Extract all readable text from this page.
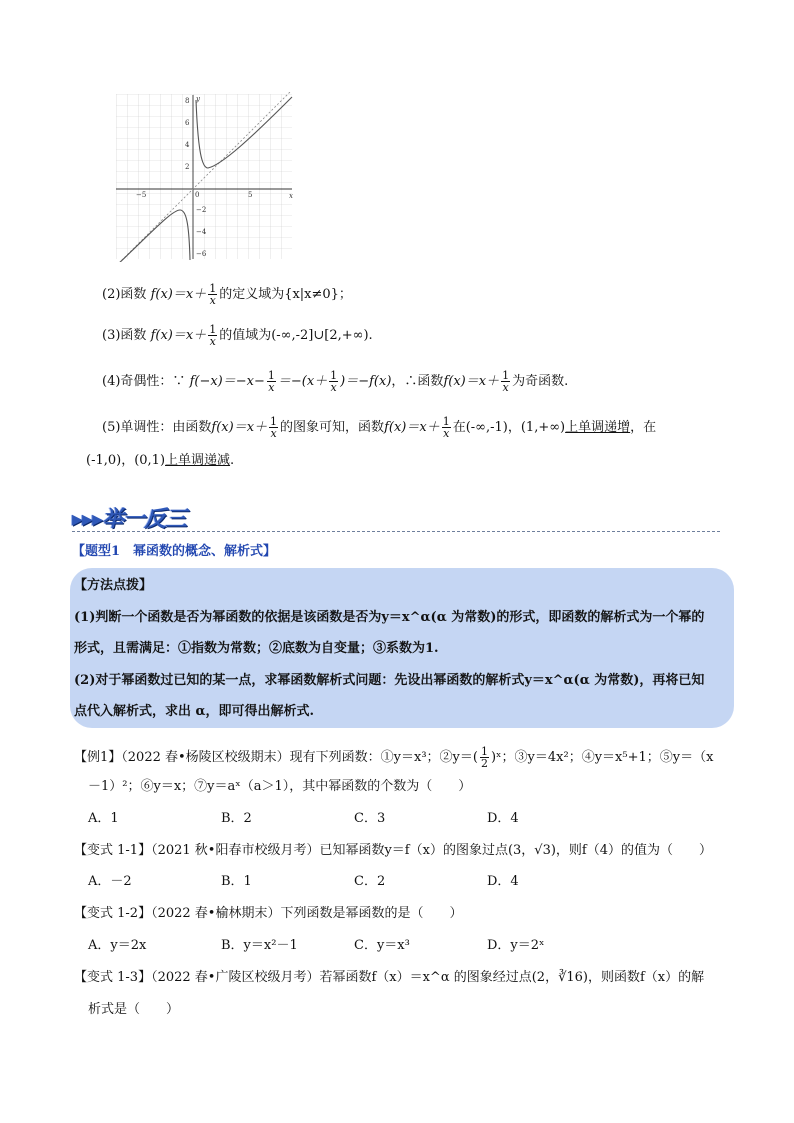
x
y
−5	0	5
8
6
4
2
−2
−4
−6
(2)函数 $f(x)=x+ \frac{1}{x}$ 的定义域为{x|x≠0}；
(3)函数 $f(x)=x+ \frac{1}{x}$ 的值域为(-∞,-2]∪[2,+∞).
(4)奇偶性：∵ $f(-x)=-x- \frac{1}{x} =-(x+ \frac{1}{x} )=-f(x)$，∴函数$f(x)=x+ \frac{1}{x}$ 为奇函数.
(5)单调性：由函数$f(x)=x+ \frac{1}{x}$ 的图象可知，函数$f(x)=x+ \frac{1}{x}$ 在(-∞,-1)，(1,+∞)上单调递增，在
(-1,0)，(0,1)上单调递减.
▸▸▸举一反三
【题型1　幂函数的概念、解析式】
【方法点拨】
(1)判断一个函数是否为幂函数的依据是该函数是否为y＝x^α(α 为常数)的形式，即函数的解析式为一个幂的
形式，且需满足：①指数为常数；②底数为自变量；③系数为1.
(2)对于幂函数过已知的某一点，求幂函数解析式问题：先设出幂函数的解析式y＝x^α(α 为常数)，再将已知
点代入解析式，求出 α，即可得出解析式.
【例1】（2022 春•杨陵区校级期末）现有下列函数：①y＝x³；②y＝( $\frac{1}{2}$ )ˣ；③y＝4x²；④y＝x⁵+1；⑤y＝（x
－1）²；⑥y＝x；⑦y＝aˣ（a＞1），其中幂函数的个数为（　　）
A．1	B．2	C．3	D．4
【变式 1-1】（2021 秋•阳春市校级月考）已知幂函数y＝f（x）的图象过点(3，√3)，则f（4）的值为（　　）
A．－2	B．1	C．2	D．4
【变式 1-2】（2022 春•榆林期末）下列函数是幂函数的是（　　）
A．y＝2x	B．y＝x²－1	C．y＝x³	D．y＝2ˣ
【变式 1-3】（2022 春•广陵区校级月考）若幂函数f（x）＝x^α 的图象经过点(2，∛16)，则函数f（x）的解
析式是（　　）
